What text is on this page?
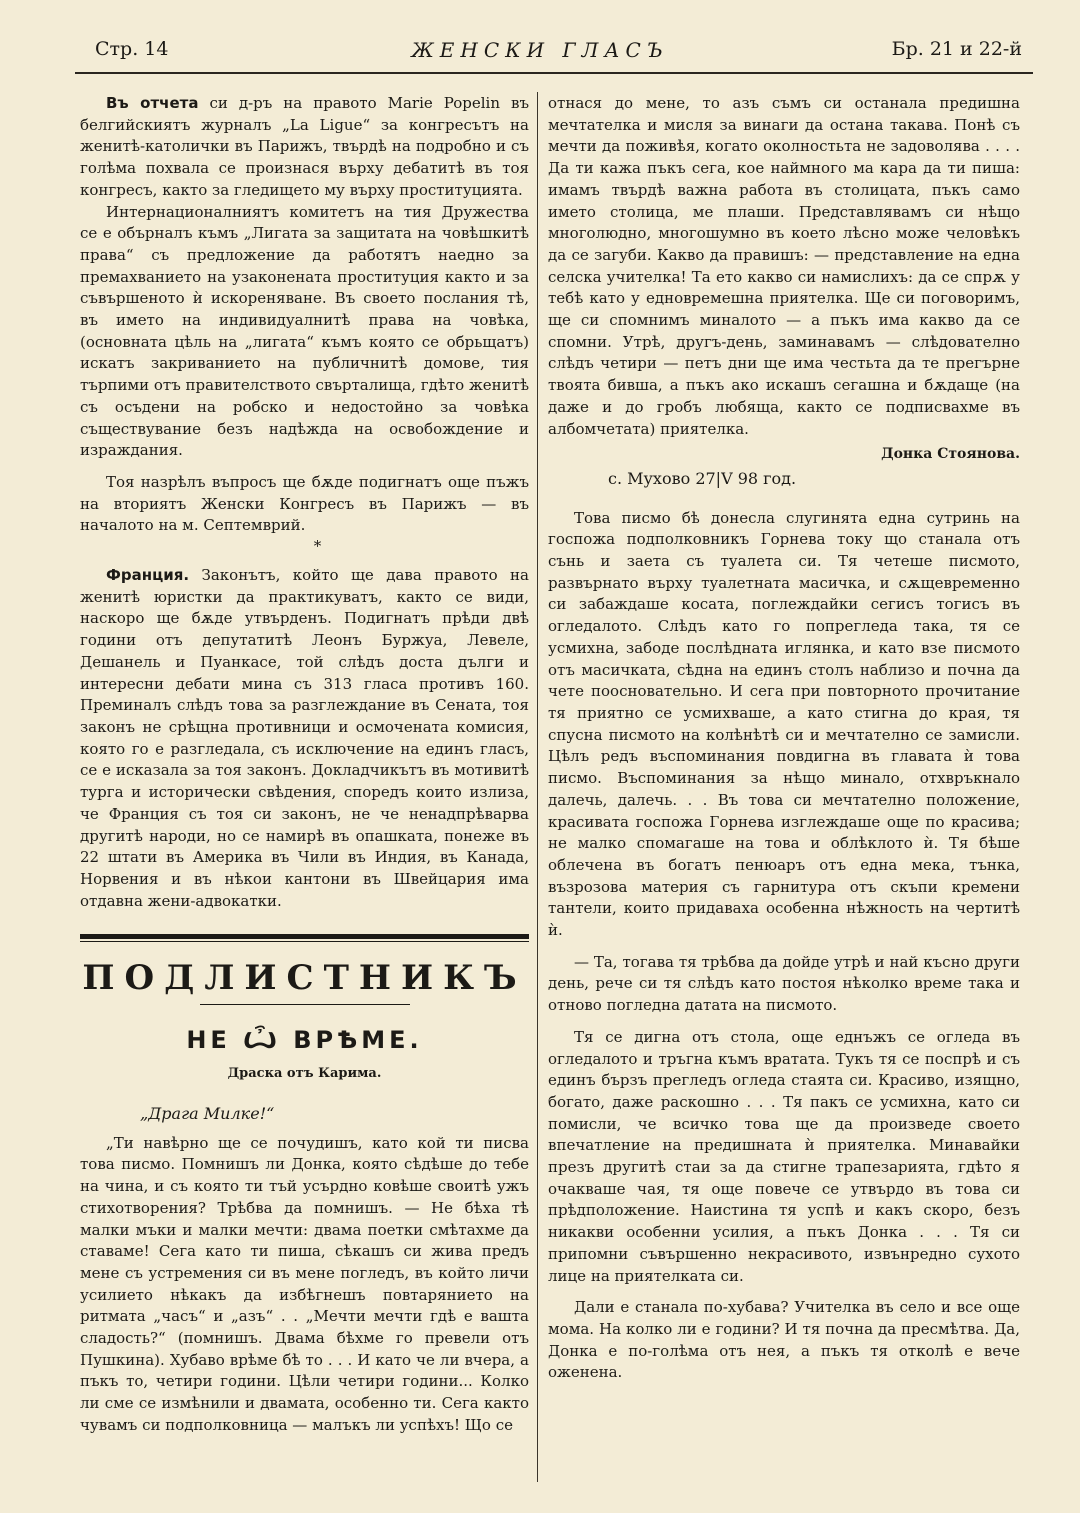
Стр. 14	ЖЕНСКИ ГЛАСЪ	Бр. 21 и 22-й

Въ отчета си д-ръ на правото Marie Popelin въ белгийскиятъ журналъ „La Ligue“ за конгресътъ на женитѣ-католички въ Парижъ, твърдѣ на подробно и съ голѣма похвала се произнася върху дебатитѣ въ тоя конгресъ, както за гледището му върху проституцията.

Интернационалниятъ комитетъ на тия Дружества се е обърналъ къмъ „Лигата за защитата на човѣшкитѣ права“ съ предложение да работятъ наедно за премахванието на узаконената проституция както и за съвършеното ѝ искореняване. Въ своето послания тѣ, въ името на индивидуалнитѣ права на човѣка, (основната цѣль на „лигата“ къмъ която се обрьщатъ) искатъ закриванието на публичнитѣ домове, тия търпими отъ правителството свърталища, гдѣто женитѣ съ осъдени на робско и недостойно за човѣка съществувание безъ надѣжда на освобождение и израждания.

Тоя назрѣлъ въпросъ ще бѫде подигнатъ още пъжъ на вториятъ Женски Конгресъ въ Парижъ — въ началото на м. Септемврий.

*

Франция. Законътъ, който ще дава правото на женитѣ юристки да практикуватъ, както се види, наскоро ще бѫде утвърденъ. Подигнатъ прѣди двѣ години отъ депутатитѣ Леонъ Буржуа, Левеле, Дешанель и Пуанкасе, той слѣдъ доста дълги и интересни дебати мина съ 313 гласа противъ 160. Преминалъ слѣдъ това за разглеждание въ Сената, тоя законъ не срѣщна противници и осмочената комисия, която го е разгледала, съ исключение на единъ гласъ, се е исказала за тоя законъ. Докладчикътъ въ мотивитѣ турга и исторически свѣдения, споредъ които излиза, че Франция съ тоя си законъ, не че ненадпрѣварва другитѣ народи, но се намирѣ въ опашката, понеже въ 22 штати въ Америка въ Чили въ Индия, въ Канада, Норвения и въ нѣкои кантони въ Швейцария има отдавна жени-адвокатки.

ПОДЛИСТНИКЪ
НЕ Ѽ ВРѢМЕ.
Драска отъ Карима.

„Драга Милке!“

„Ти навѣрно ще се почудишъ, като кой ти писва това писмо. Помнишъ ли Донка, която сѣдѣше до тебе на чина, и съ която ти тъй усърдно ковѣше своитѣ ужъ стихотворения? Трѣбва да помнишъ. — Не бѣха тѣ малки мъки и малки мечти: двама поетки смѣтахме да ставаме! Сега като ти пиша, сѣкашъ си жива предъ мене съ устремения си въ мене погледъ, въ който личи усилието нѣкакъ да избѣгнешъ повтарянието на ритмата „часъ“ и „азъ“ . . „Мечти мечти гдѣ е вашта сладость?“ (помнишъ. Двама бѣхме го превели отъ Пушкина). Хубаво врѣме бѣ то . . . И като че ли вчера, а пъкъ то, четири години. Цѣли четири години... Колко ли сме се измѣнили и двамата, особенно ти. Сега както чувамъ си подполковница — малъкъ ли успѣхъ! Що се

отнася до мене, то азъ съмъ си останала предишна мечтателка и мисля за винаги да остана такава. Понѣ съ мечти да поживѣя, когато околностьта не задоволява . . . . Да ти кажа пъкъ сега, кое наймного ма кара да ти пиша: имамъ твърдѣ важна работа въ столицата, пъкъ само името столица, ме плаши. Представлявамъ си нѣщо многолюдно, многошумно въ което лѣсно може человѣкъ да се загуби. Какво да правишъ: — представление на една селска учителка! Та ето какво си намислихъ: да се спрѫ у тебѣ като у едновремешна приятелка. Ще си поговоримъ, ще си спомнимъ миналото — а пъкъ има какво да се спомни. Утрѣ, другъ-день, заминавамъ — слѣдователно слѣдъ четири — петъ дни ще има честьта да те прегърне твоята бивша, а пъкъ ако искашъ сегашна и бѫдаще (на даже и до гробъ любяща, както се подписвахме въ албомчетата) приятелка.

Донка Стоянова.

с. Мухово 27|V 98 год.

Това писмо бѣ донесла слугинята една сутринь на госпожа подполковникъ Горнева току що станала отъ сънь и заета съ туалета си. Тя четеше писмото, развърнато върху туалетната масичка, и сѫщевременно си забаждаше косата, поглеждайки сегисъ тогисъ въ огледалото. Слѣдъ като го попрегледа така, тя се усмихна, забоде послѣдната иглянка, и като взе писмото отъ масичката, сѣдна на единъ столъ наблизо и почна да чете поосновательно. И сега при повторното прочитание тя приятно се усмихваше, а като стигна до края, тя спусна писмото на колѣнѣтѣ си и мечтателно се замисли. Цѣлъ редъ въспоминания повдигна въ главата ѝ това писмо. Въспоминания за нѣщо минало, отхвръкнало далечь, далечь. . . Въ това си мечтателно положение, красивата госпожа Горнева изглеждаше още по красива; не малко спомагаше на това и облѣклото ѝ. Тя бѣше облечена въ богатъ пенюаръ отъ една мека, тънка, възрозова материя съ гарнитура отъ скъпи кремени тантели, които придаваха особенна нѣжность на чертитѣ ѝ.

— Та, тогава тя трѣбва да дойде утрѣ и най късно други день, рече си тя слѣдъ като постоя нѣколко време така и отново погледна датата на писмото.

Тя се дигна отъ стола, още еднъжъ се огледа въ огледалото и тръгна къмъ вратата. Тукъ тя се поспрѣ и съ единъ бързъ прегледъ огледа стаята си. Красиво, изящно, богато, даже раскошно . . . Тя пакъ се усмихна, като си помисли, че всичко това ще да произведе своето впечатление на предишната ѝ приятелка. Минавайки презъ другитѣ стаи за да стигне трапезарията, гдѣто я очакваше чая, тя още повече се утвърдо въ това си прѣдположение. Наистина тя успѣ и какъ скоро, безъ никакви особенни усилия, а пъкъ Донка . . . Тя си припомни съвършенно некрасивото, извънредно сухото лице на приятелката си.

Дали е станала по-хубава? Учителка въ село и все още мома. На колко ли е години? И тя почна да пресмѣтва. Да, Донка е по-голѣма отъ нея, а пъкъ тя отколѣ е вече оженена.
